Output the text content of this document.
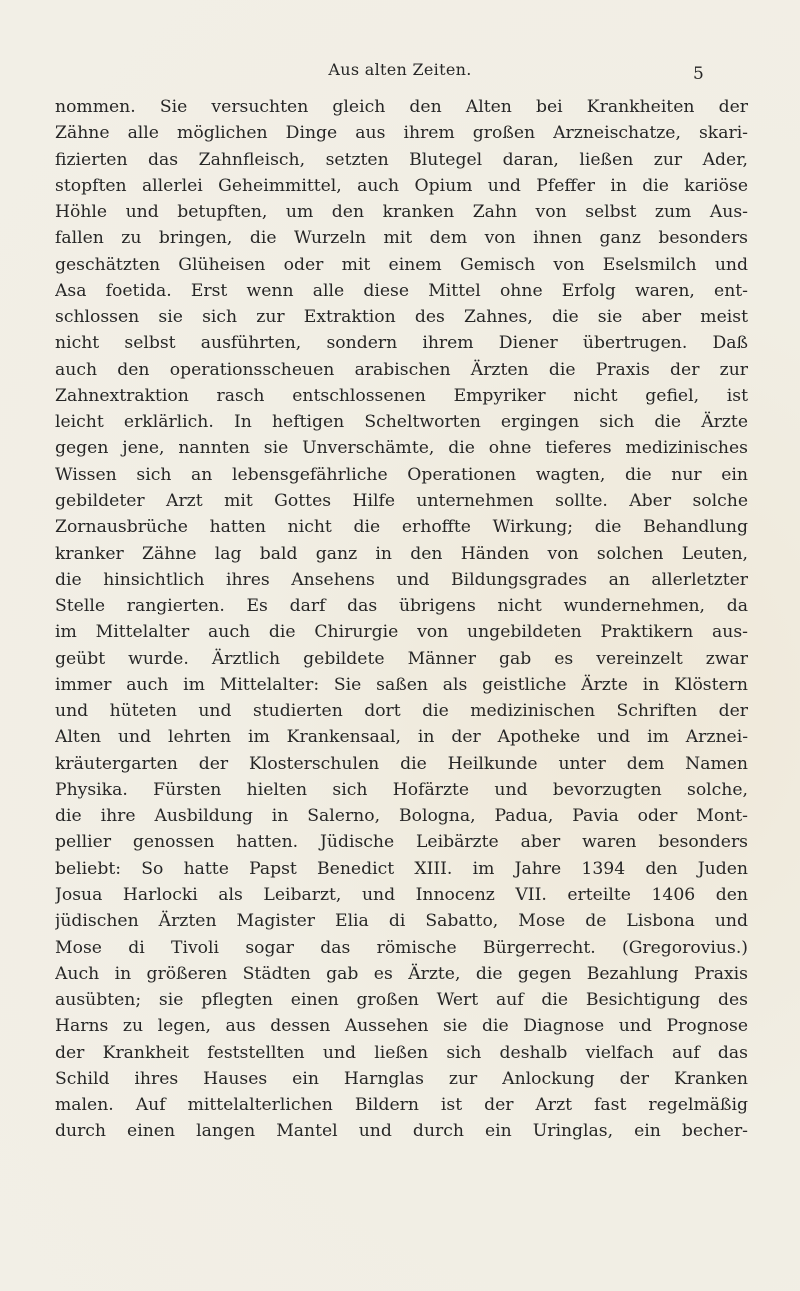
Aus alten Zeiten.	5
nommen. Sie versuchten gleich den Alten bei Krankheiten der
Zähne alle möglichen Dinge aus ihrem großen Arzneischatze, skari-
fizierten das Zahnfleisch, setzten Blutegel daran, ließen zur Ader,
stopften allerlei Geheimmittel, auch Opium und Pfeffer in die kariöse
Höhle und betupften, um den kranken Zahn von selbst zum Aus-
fallen zu bringen, die Wurzeln mit dem von ihnen ganz besonders
geschätzten Glüheisen oder mit einem Gemisch von Eselsmilch und
Asa foetida. Erst wenn alle diese Mittel ohne Erfolg waren, ent-
schlossen sie sich zur Extraktion des Zahnes, die sie aber meist
nicht selbst ausführten, sondern ihrem Diener übertrugen. Daß
auch den operationsscheuen arabischen Ärzten die Praxis der zur
Zahnextraktion rasch entschlossenen Empyriker nicht gefiel, ist
leicht erklärlich. In heftigen Scheltworten ergingen sich die Ärzte
gegen jene, nannten sie Unverschämte, die ohne tieferes medizinisches
Wissen sich an lebensgefährliche Operationen wagten, die nur ein
gebildeter Arzt mit Gottes Hilfe unternehmen sollte. Aber solche
Zornausbrüche hatten nicht die erhoffte Wirkung; die Behandlung
kranker Zähne lag bald ganz in den Händen von solchen Leuten,
die hinsichtlich ihres Ansehens und Bildungsgrades an allerletzter
Stelle rangierten. Es darf das übrigens nicht wundernehmen, da
im Mittelalter auch die Chirurgie von ungebildeten Praktikern aus-
geübt wurde. Ärztlich gebildete Männer gab es vereinzelt zwar
immer auch im Mittelalter: Sie saßen als geistliche Ärzte in Klöstern
und hüteten und studierten dort die medizinischen Schriften der
Alten und lehrten im Krankensaal, in der Apotheke und im Arznei-
kräutergarten der Klosterschulen die Heilkunde unter dem Namen
Physika. Fürsten hielten sich Hofärzte und bevorzugten solche,
die ihre Ausbildung in Salerno, Bologna, Padua, Pavia oder Mont-
pellier genossen hatten. Jüdische Leibärzte aber waren besonders
beliebt: So hatte Papst Benedict XIII. im Jahre 1394 den Juden
Josua Harlocki als Leibarzt, und Innocenz VII. erteilte 1406 den
jüdischen Ärzten Magister Elia di Sabatto, Mose de Lisbona und
Mose di Tivoli sogar das römische Bürgerrecht. (Gregorovius.)
Auch in größeren Städten gab es Ärzte, die gegen Bezahlung Praxis
ausübten; sie pflegten einen großen Wert auf die Besichtigung des
Harns zu legen, aus dessen Aussehen sie die Diagnose und Prognose
der Krankheit feststellten und ließen sich deshalb vielfach auf das
Schild ihres Hauses ein Harnglas zur Anlockung der Kranken
malen. Auf mittelalterlichen Bildern ist der Arzt fast regelmäßig
durch einen langen Mantel und durch ein Uringlas, ein becher-
